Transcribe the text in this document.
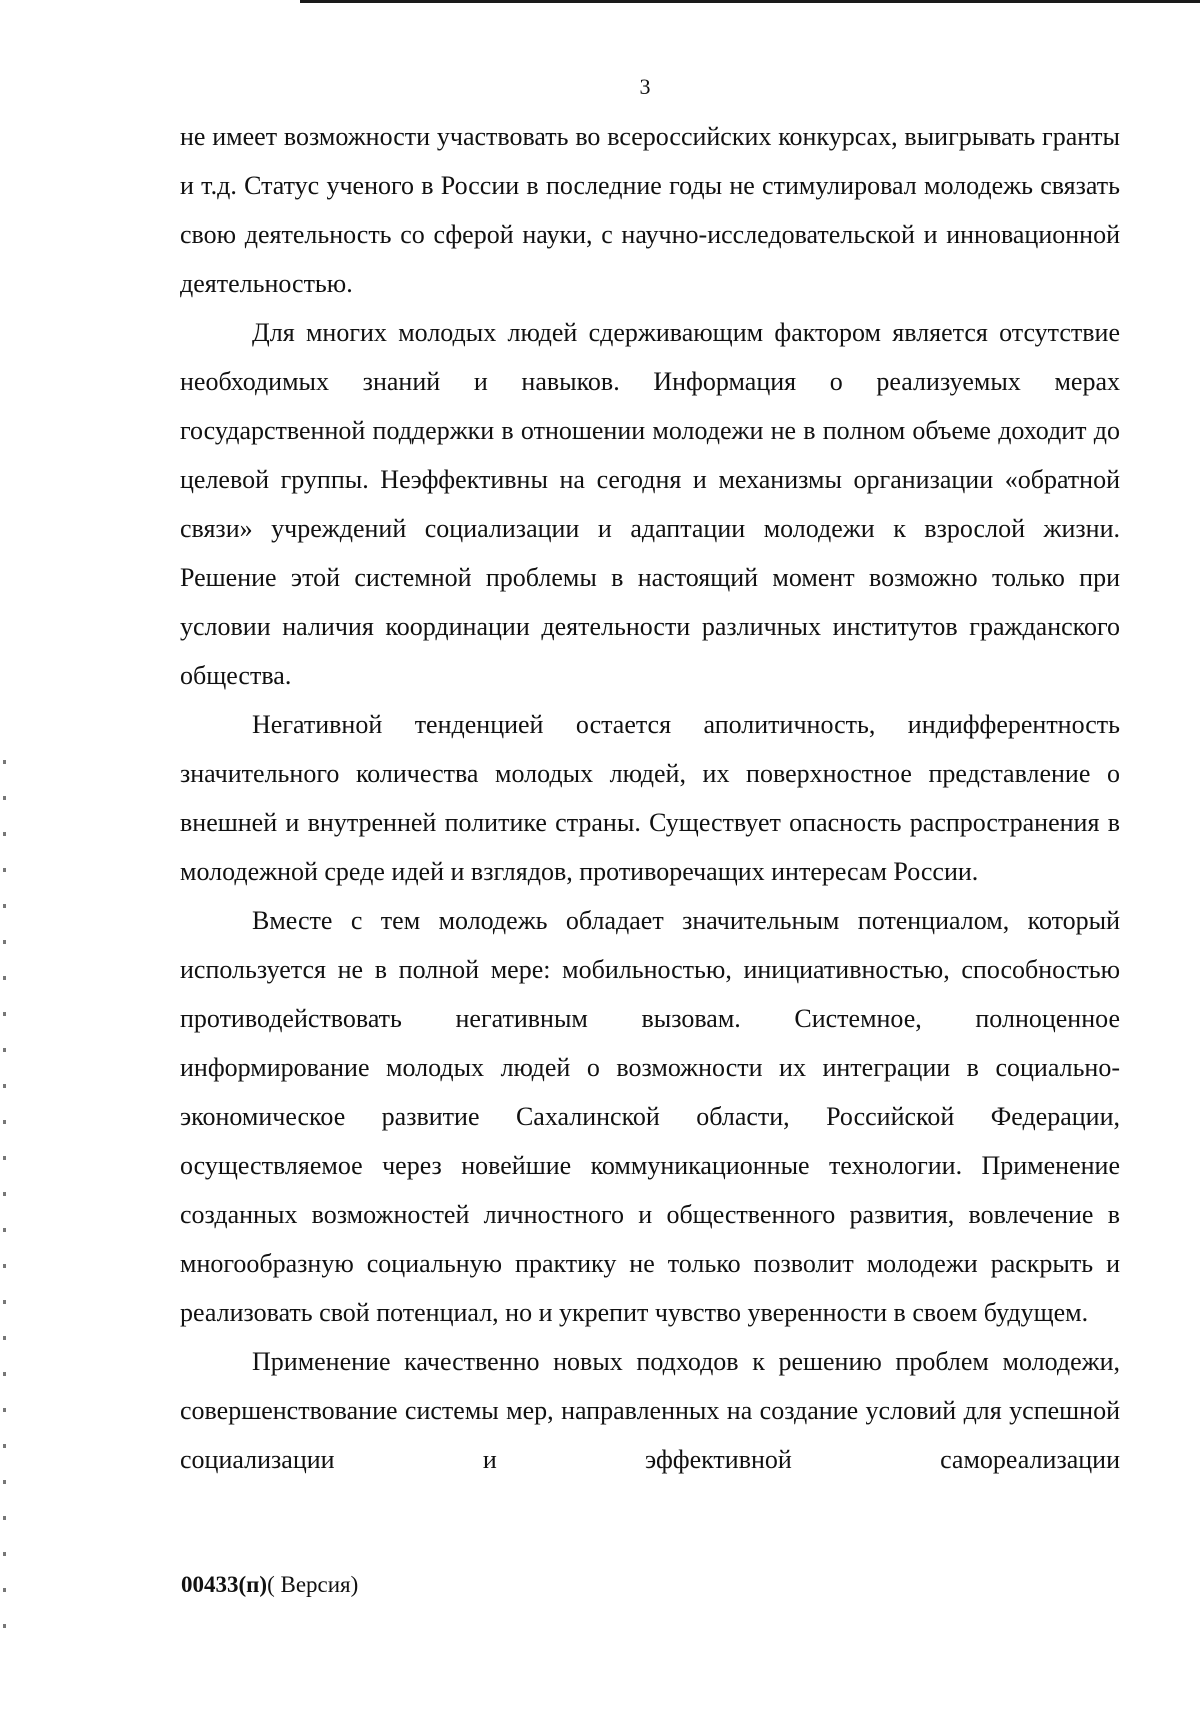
3

не имеет возможности участвовать во всероссийских конкурсах, выигрывать гранты и т.д. Статус ученого в России в последние годы не стимулировал молодежь связать свою деятельность со сферой науки, с научно-исследовательской и инновационной деятельностью.

Для многих молодых людей сдерживающим фактором является отсутствие необходимых знаний и навыков. Информация о реализуемых мерах государственной поддержки в отношении молодежи не в полном объеме доходит до целевой группы. Неэффективны на сегодня и механизмы организации «обратной связи» учреждений социализации и адаптации молодежи к взрослой жизни. Решение этой системной проблемы в настоящий момент возможно только при условии наличия координации деятельности различных институтов гражданского общества.

Негативной тенденцией остается аполитичность, индифферентность значительного количества молодых людей, их поверхностное представление о внешней и внутренней политике страны. Существует опасность распространения в молодежной среде идей и взглядов, противоречащих интересам России.

Вместе с тем молодежь обладает значительным потенциалом, который используется не в полной мере: мобильностью, инициативностью, способностью противодействовать негативным вызовам. Системное, полноценное информирование молодых людей о возможности их интеграции в социально-экономическое развитие Сахалинской области, Российской Федерации, осуществляемое через новейшие коммуникационные технологии. Применение созданных возможностей личностного и общественного развития, вовлечение в многообразную социальную практику не только позволит молодежи раскрыть и реализовать свой потенциал, но и укрепит чувство уверенности в своем будущем.

Применение качественно новых подходов к решению проблем молодежи, совершенствование системы мер, направленных на создание условий для успешной социализации и эффективной самореализации

00433(п)( Версия)
